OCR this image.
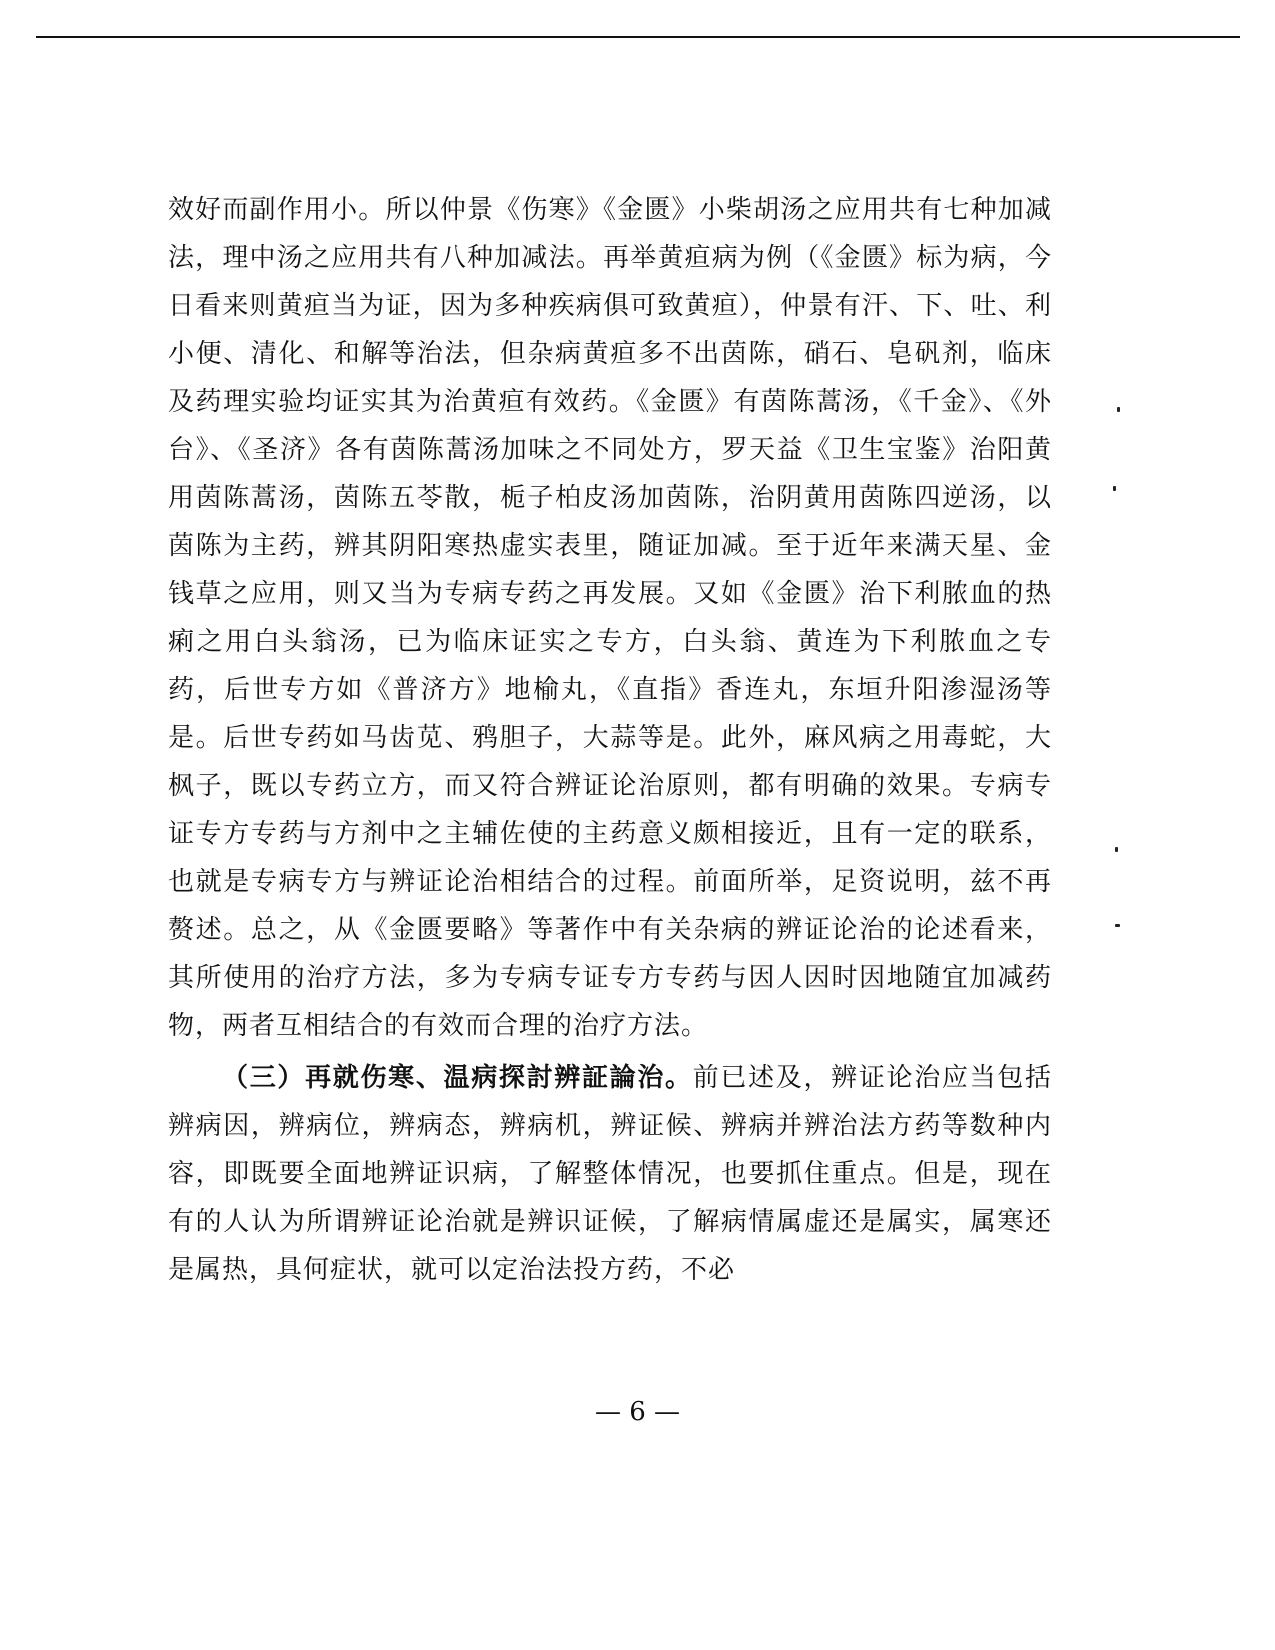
效好而副作用小。所以仲景《伤寒》《金匮》小柴胡汤之应用共有七种加减法，理中汤之应用共有八种加减法。再举黄疸病为例（《金匮》标为病，今日看来则黄疸当为证，因为多种疾病俱可致黄疸），仲景有汗、下、吐、利小便、清化、和解等治法，但杂病黄疸多不出茵陈，硝石、皂矾剂，临床及药理实验均证实其为治黄疸有效药。《金匮》有茵陈蒿汤，《千金》、《外台》、《圣济》各有茵陈蒿汤加味之不同处方，罗天益《卫生宝鉴》治阳黄用茵陈蒿汤，茵陈五苓散，栀子柏皮汤加茵陈，治阴黄用茵陈四逆汤，以茵陈为主药，辨其阴阳寒热虚实表里，随证加减。至于近年来满天星、金钱草之应用，则又当为专病专药之再发展。又如《金匮》治下利脓血的热痢之用白头翁汤，已为临床证实之专方，白头翁、黄连为下利脓血之专药，后世专方如《普济方》地榆丸，《直指》香连丸，东垣升阳渗湿汤等是。后世专药如马齿苋、鸦胆子，大蒜等是。此外，麻风病之用毒蛇，大枫子，既以专药立方，而又符合辨证论治原则，都有明确的效果。专病专证专方专药与方剂中之主辅佐使的主药意义颇相接近，且有一定的联系，也就是专病专方与辨证论治相结合的过程。前面所举，足资说明，兹不再赘述。总之，从《金匮要略》等著作中有关杂病的辨证论治的论述看来，其所使用的治疗方法，多为专病专证专方专药与因人因时因地随宜加减药物，两者互相结合的有效而合理的治疗方法。

（三）再就伤寒、温病探討辨証論治。前已述及，辨证论治应当包括辨病因，辨病位，辨病态，辨病机，辨证候、辨病并辨治法方药等数种内容，即既要全面地辨证识病，了解整体情况，也要抓住重点。但是，现在有的人认为所谓辨证论治就是辨识证候，了解病情属虚还是属实，属寒还是属热，具何症状，就可以定治法投方药，不必

— 6 —
